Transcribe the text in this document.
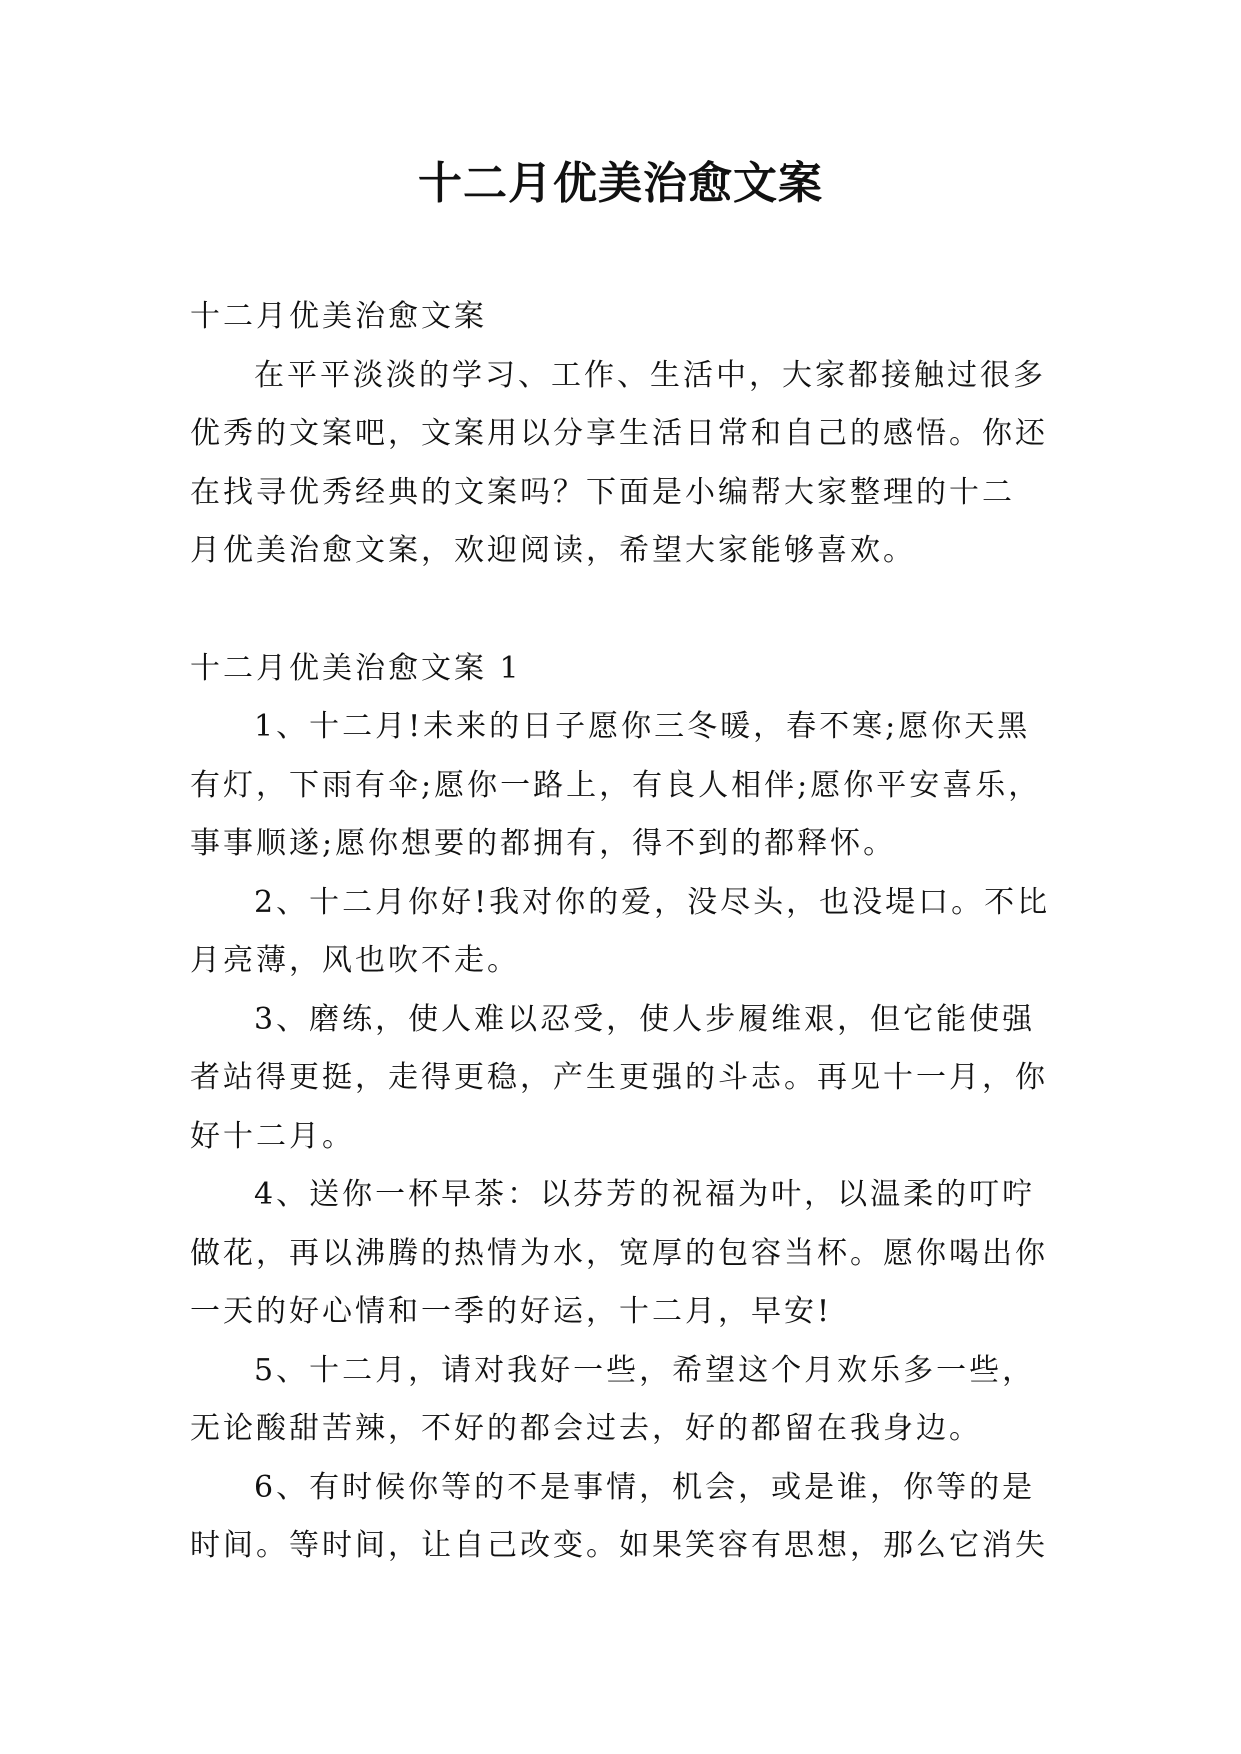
十二月优美治愈文案
十二月优美治愈文案
在平平淡淡的学习、工作、生活中，大家都接触过很多
优秀的文案吧，文案用以分享生活日常和自己的感悟。你还
在找寻优秀经典的文案吗？下面是小编帮大家整理的十二
月优美治愈文案，欢迎阅读，希望大家能够喜欢。
十二月优美治愈文案 1
1、十二月!未来的日子愿你三冬暖，春不寒;愿你天黑
有灯，下雨有伞;愿你一路上，有良人相伴;愿你平安喜乐，
事事顺遂;愿你想要的都拥有，得不到的都释怀。
2、十二月你好!我对你的爱，没尽头，也没堤口。不比
月亮薄，风也吹不走。
3、磨练，使人难以忍受，使人步履维艰，但它能使强
者站得更挺，走得更稳，产生更强的斗志。再见十一月，你
好十二月。
4、送你一杯早茶：以芬芳的祝福为叶，以温柔的叮咛
做花，再以沸腾的热情为水，宽厚的包容当杯。愿你喝出你
一天的好心情和一季的好运，十二月，早安!
5、十二月，请对我好一些，希望这个月欢乐多一些，
无论酸甜苦辣，不好的都会过去，好的都留在我身边。
6、有时候你等的不是事情，机会，或是谁，你等的是
时间。等时间，让自己改变。如果笑容有思想，那么它消失
